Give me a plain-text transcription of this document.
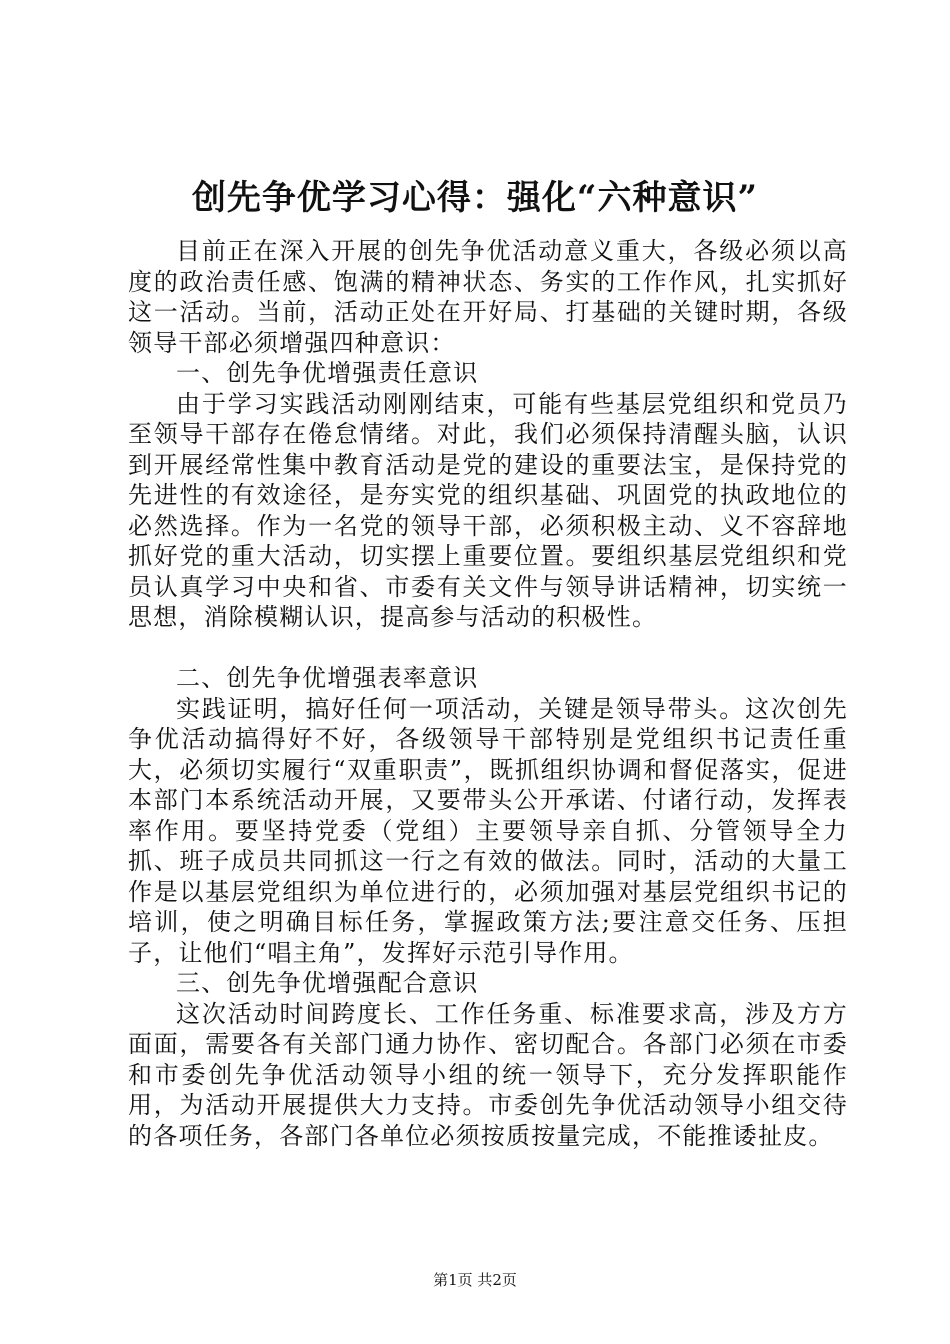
创先争优学习心得：强化“六种意识”

目前正在深入开展的创先争优活动意义重大，各级必须以高度的政治责任感、饱满的精神状态、务实的工作作风，扎实抓好这一活动。当前，活动正处在开好局、打基础的关键时期，各级领导干部必须增强四种意识：

一、创先争优增强责任意识

由于学习实践活动刚刚结束，可能有些基层党组织和党员乃至领导干部存在倦怠情绪。对此，我们必须保持清醒头脑，认识到开展经常性集中教育活动是党的建设的重要法宝，是保持党的先进性的有效途径，是夯实党的组织基础、巩固党的执政地位的必然选择。作为一名党的领导干部，必须积极主动、义不容辞地抓好党的重大活动，切实摆上重要位置。要组织基层党组织和党员认真学习中央和省、市委有关文件与领导讲话精神，切实统一思想，消除模糊认识，提高参与活动的积极性。

二、创先争优增强表率意识

实践证明，搞好任何一项活动，关键是领导带头。这次创先争优活动搞得好不好，各级领导干部特别是党组织书记责任重大，必须切实履行“双重职责”，既抓组织协调和督促落实，促进本部门本系统活动开展，又要带头公开承诺、付诸行动，发挥表率作用。要坚持党委（党组）主要领导亲自抓、分管领导全力抓、班子成员共同抓这一行之有效的做法。同时，活动的大量工作是以基层党组织为单位进行的，必须加强对基层党组织书记的培训，使之明确目标任务，掌握政策方法;要注意交任务、压担子，让他们“唱主角”，发挥好示范引导作用。

三、创先争优增强配合意识

这次活动时间跨度长、工作任务重、标准要求高，涉及方方面面，需要各有关部门通力协作、密切配合。各部门必须在市委和市委创先争优活动领导小组的统一领导下，充分发挥职能作用，为活动开展提供大力支持。市委创先争优活动领导小组交待的各项任务，各部门各单位必须按质按量完成，不能推诿扯皮。

第1页 共2页
